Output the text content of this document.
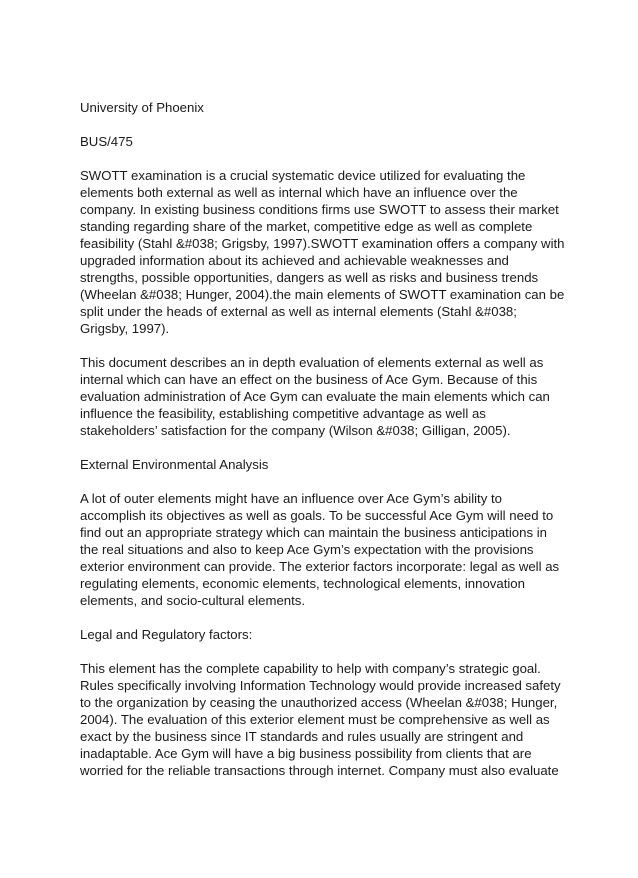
University of Phoenix

BUS/475

SWOTT examination is a crucial systematic device utilized for evaluating the
elements both external as well as internal which have an influence over the
company. In existing business conditions firms use SWOTT to assess their market
standing regarding share of the market, competitive edge as well as complete
feasibility (Stahl &#038; Grigsby, 1997).SWOTT examination offers a company with
upgraded information about its achieved and achievable weaknesses and
strengths, possible opportunities, dangers as well as risks and business trends
(Wheelan &#038; Hunger, 2004).the main elements of SWOTT examination can be
split under the heads of external as well as internal elements (Stahl &#038;
Grigsby, 1997).

This document describes an in depth evaluation of elements external as well as
internal which can have an effect on the business of Ace Gym. Because of this
evaluation administration of Ace Gym can evaluate the main elements which can
influence the feasibility, establishing competitive advantage as well as
stakeholders’ satisfaction for the company (Wilson &#038; Gilligan, 2005).

External Environmental Analysis

A lot of outer elements might have an influence over Ace Gym’s ability to
accomplish its objectives as well as goals. To be successful Ace Gym will need to
find out an appropriate strategy which can maintain the business anticipations in
the real situations and also to keep Ace Gym’s expectation with the provisions
exterior environment can provide. The exterior factors incorporate: legal as well as
regulating elements, economic elements, technological elements, innovation
elements, and socio-cultural elements.

Legal and Regulatory factors:

This element has the complete capability to help with company’s strategic goal.
Rules specifically involving Information Technology would provide increased safety
to the organization by ceasing the unauthorized access (Wheelan &#038; Hunger,
2004). The evaluation of this exterior element must be comprehensive as well as
exact by the business since IT standards and rules usually are stringent and
inadaptable. Ace Gym will have a big business possibility from clients that are
worried for the reliable transactions through internet. Company must also evaluate
